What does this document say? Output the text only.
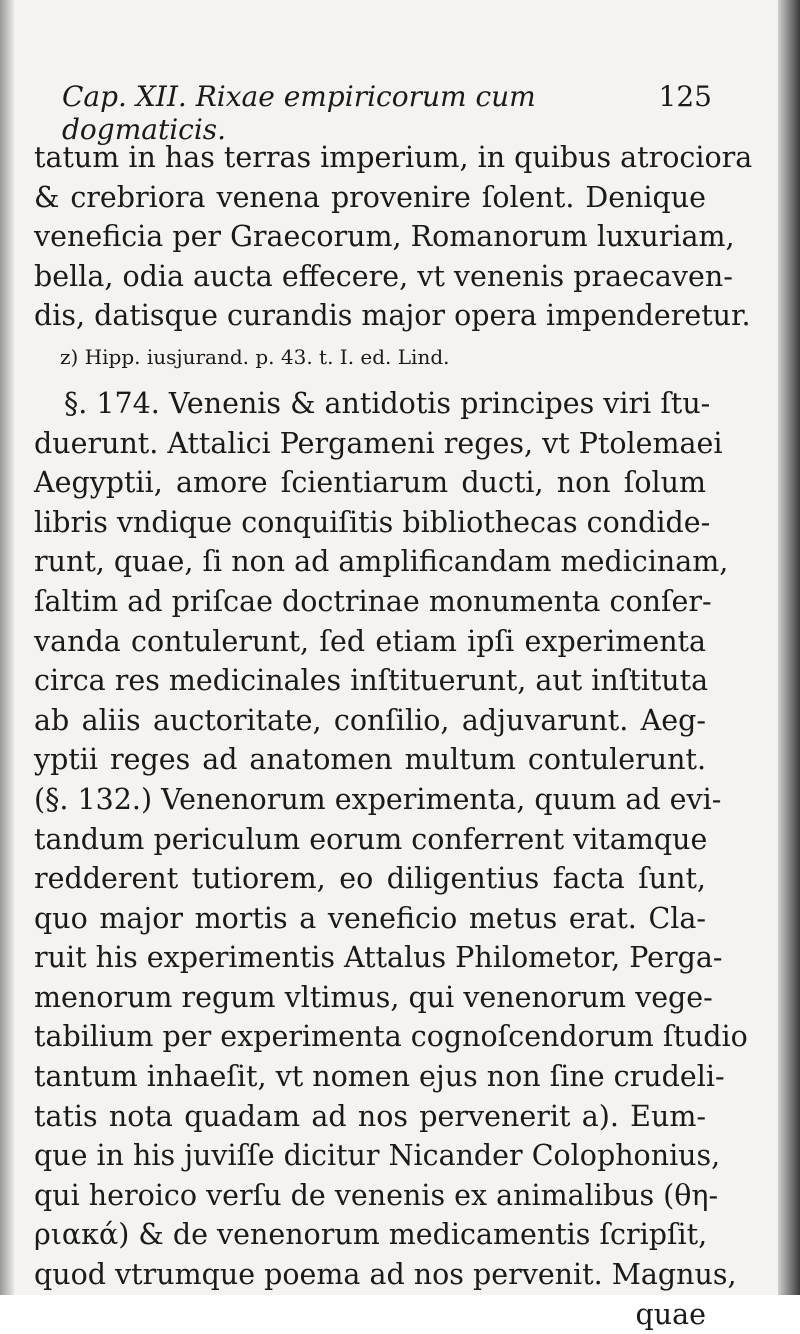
Cap. XII. Rixae empiricorum cum dogmaticis.
125
tatum in has terras imperium, in quibus atrociora
& crebriora venena provenire ſolent. Denique
veneficia per Graecorum, Romanorum luxuriam,
bella, odia aucta effecere, vt venenis praecaven-
dis, datisque curandis major opera impenderetur.
z) Hipp. iusjurand. p. 43. t. I. ed. Lind.
§. 174. Venenis & antidotis principes viri ſtu-
duerunt. Attalici Pergameni reges, vt Ptolemaei
Aegyptii, amore ſcientiarum ducti, non ſolum
libris vndique conquiſitis bibliothecas condide-
runt, quae, ſi non ad amplificandam medicinam,
ſaltim ad priſcae doctrinae monumenta conſer-
vanda contulerunt, ſed etiam ipſi experimenta
circa res medicinales inſtituerunt, aut inſtituta
ab aliis auctoritate, conſilio, adjuvarunt. Aeg-
yptii reges ad anatomen multum contulerunt.
(§. 132.) Venenorum experimenta, quum ad evi-
tandum periculum eorum conferrent vitamque
redderent tutiorem, eo diligentius facta ſunt,
quo major mortis a veneficio metus erat. Cla-
ruit his experimentis Attalus Philometor, Perga-
menorum regum vltimus, qui venenorum vege-
tabilium per experimenta cognoſcendorum ſtudio
tantum inhaeſit, vt nomen ejus non ſine crudeli-
tatis nota quadam ad nos pervenerit a). Eum-
que in his juviſſe dicitur Nicander Colophonius,
qui heroico verſu de venenis ex animalibus (θη-
ριακά) & de venenorum medicamentis ſcripſit,
quod vtrumque poema ad nos pervenit. Magnus,
quae
